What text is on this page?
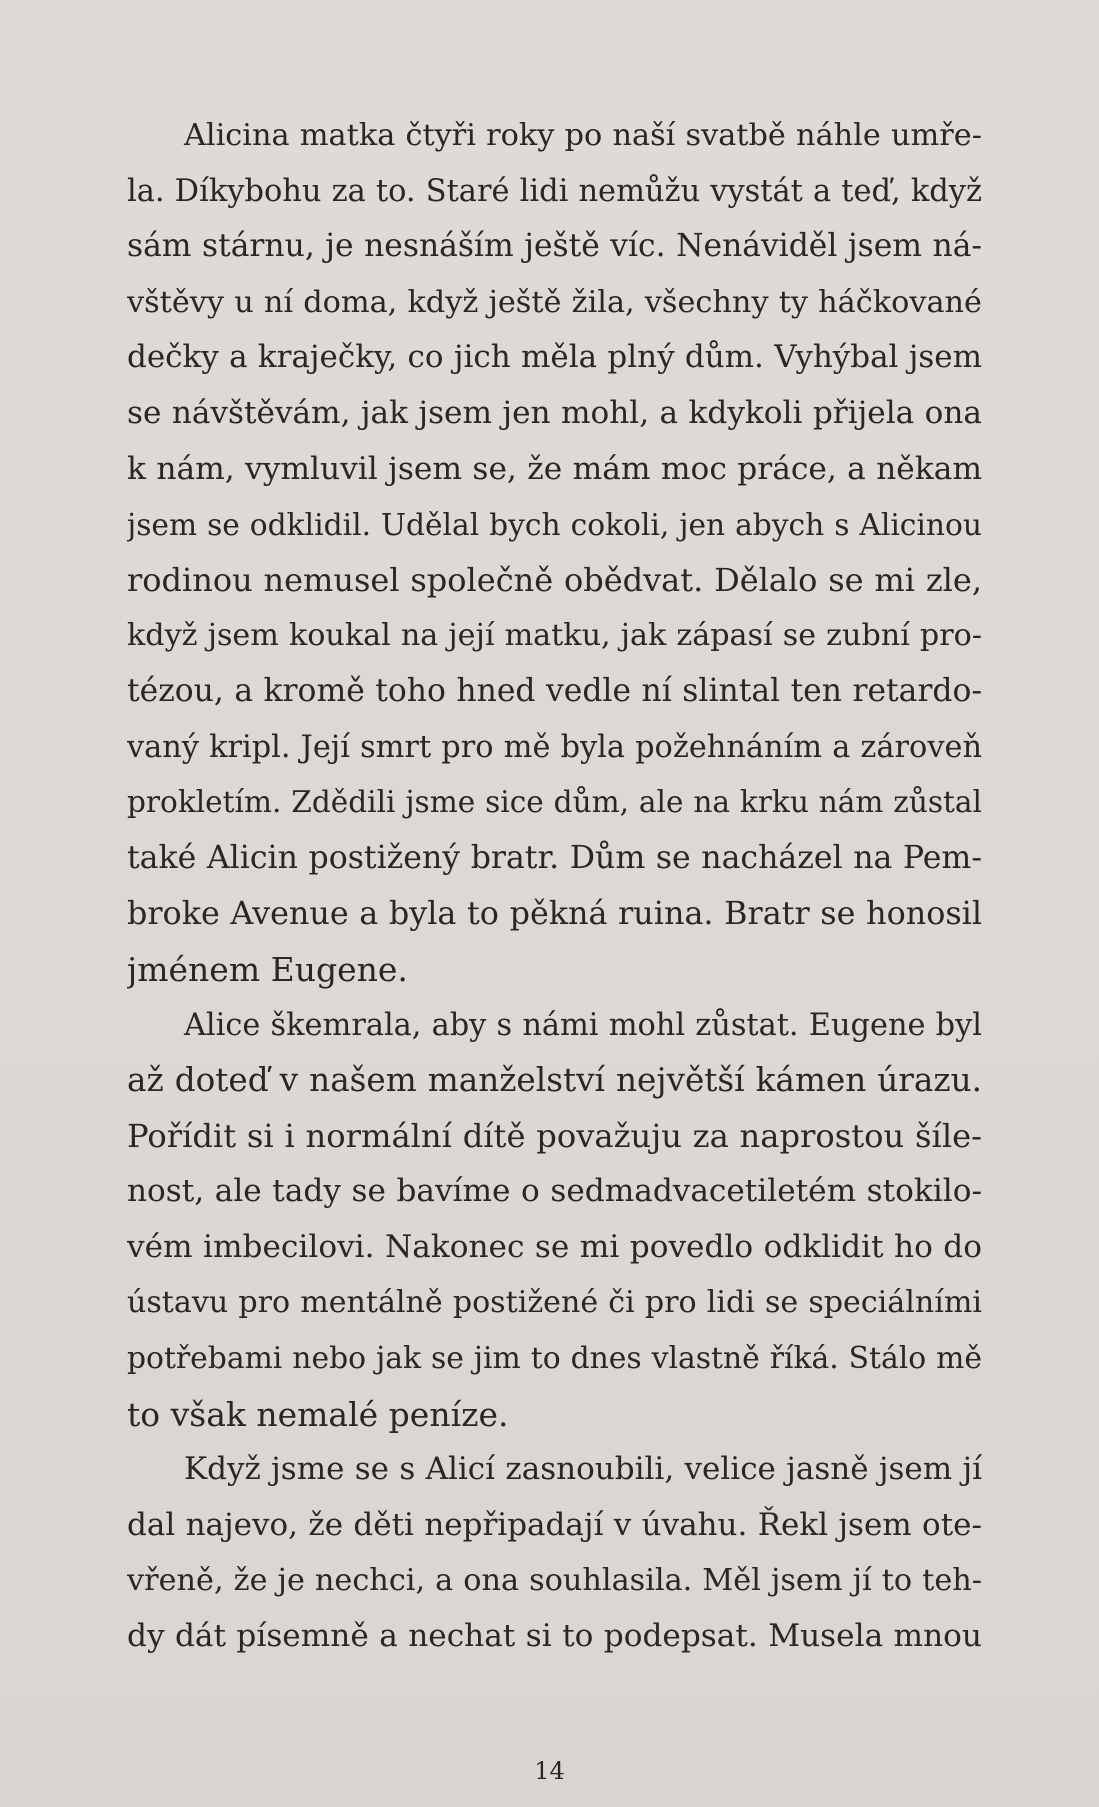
Alicina matka čtyři roky po naší svatbě náhle umře-
la. Díkybohu za to. Staré lidi nemůžu vystát a teď, když
sám stárnu, je nesnáším ještě víc. Nenáviděl jsem ná-
vštěvy u ní doma, když ještě žila, všechny ty háčkované
dečky a kraječky, co jich měla plný dům. Vyhýbal jsem
se návštěvám, jak jsem jen mohl, a kdykoli přijela ona
k nám, vymluvil jsem se, že mám moc práce, a někam
jsem se odklidil. Udělal bych cokoli, jen abych s Alicinou
rodinou nemusel společně obědvat. Dělalo se mi zle,
když jsem koukal na její matku, jak zápasí se zubní pro-
tézou, a kromě toho hned vedle ní slintal ten retardo-
vaný kripl. Její smrt pro mě byla požehnáním a zároveň
prokletím. Zdědili jsme sice dům, ale na krku nám zůstal
také Alicin postižený bratr. Dům se nacházel na Pem-
broke Avenue a byla to pěkná ruina. Bratr se honosil
jménem Eugene.
Alice škemrala, aby s námi mohl zůstat. Eugene byl
až doteď v našem manželství největší kámen úrazu.
Pořídit si i normální dítě považuju za naprostou šíle-
nost, ale tady se bavíme o sedmadvacetiletém stokilo-
vém imbecilovi. Nakonec se mi povedlo odklidit ho do
ústavu pro mentálně postižené či pro lidi se speciálními
potřebami nebo jak se jim to dnes vlastně říká. Stálo mě
to však nemalé peníze.
Když jsme se s Alicí zasnoubili, velice jasně jsem jí
dal najevo, že děti nepřipadají v úvahu. Řekl jsem ote-
vřeně, že je nechci, a ona souhlasila. Měl jsem jí to teh-
dy dát písemně a nechat si to podepsat. Musela mnou
14
